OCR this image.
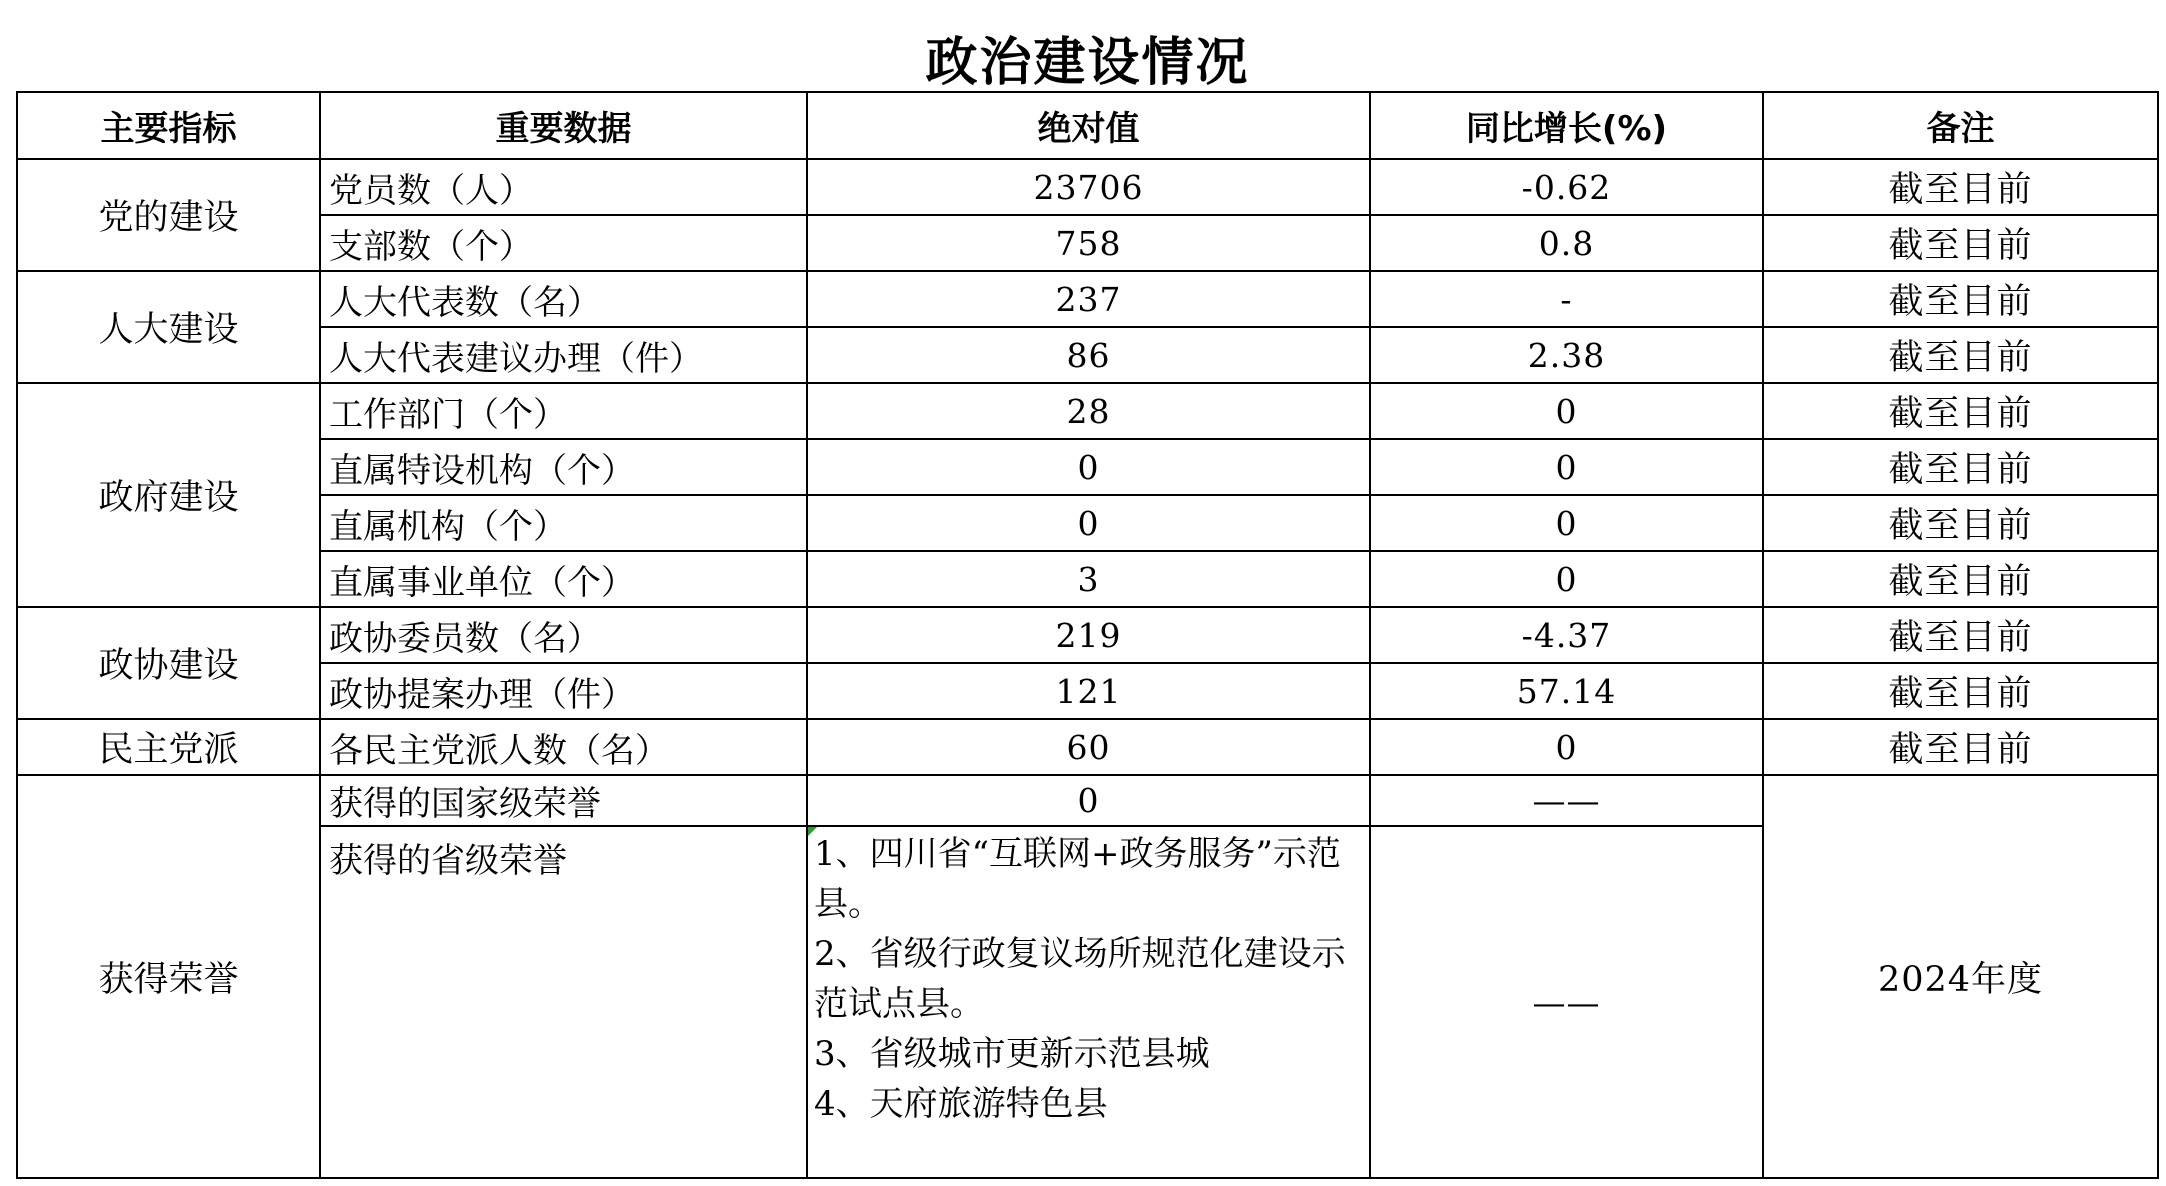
政治建设情况				
主要指标	重要数据	绝对值	同比增长(%)	备注
党的建设	党员数（人）	23706	-0.62	截至目前
	支部数（个）	758	0.8	截至目前
人大建设	人大代表数（名）	237	-	截至目前
	人大代表建议办理（件）	86	2.38	截至目前
政府建设	工作部门（个）	28	0	截至目前
	直属特设机构（个）	0	0	截至目前
	直属机构（个）	0	0	截至目前
	直属事业单位（个）	3	0	截至目前
政协建设	政协委员数（名）	219	-4.37	截至目前
	政协提案办理（件）	121	57.14	截至目前
民主党派	各民主党派人数（名）	60	0	截至目前
获得荣誉	获得的国家级荣誉	0	——	2024年度
	获得的省级荣誉	1、四川省“互联网+政务服务”示范县。
2、省级行政复议场所规范化建设示范试点县。
3、省级城市更新示范县城
4、天府旅游特色县	——	
